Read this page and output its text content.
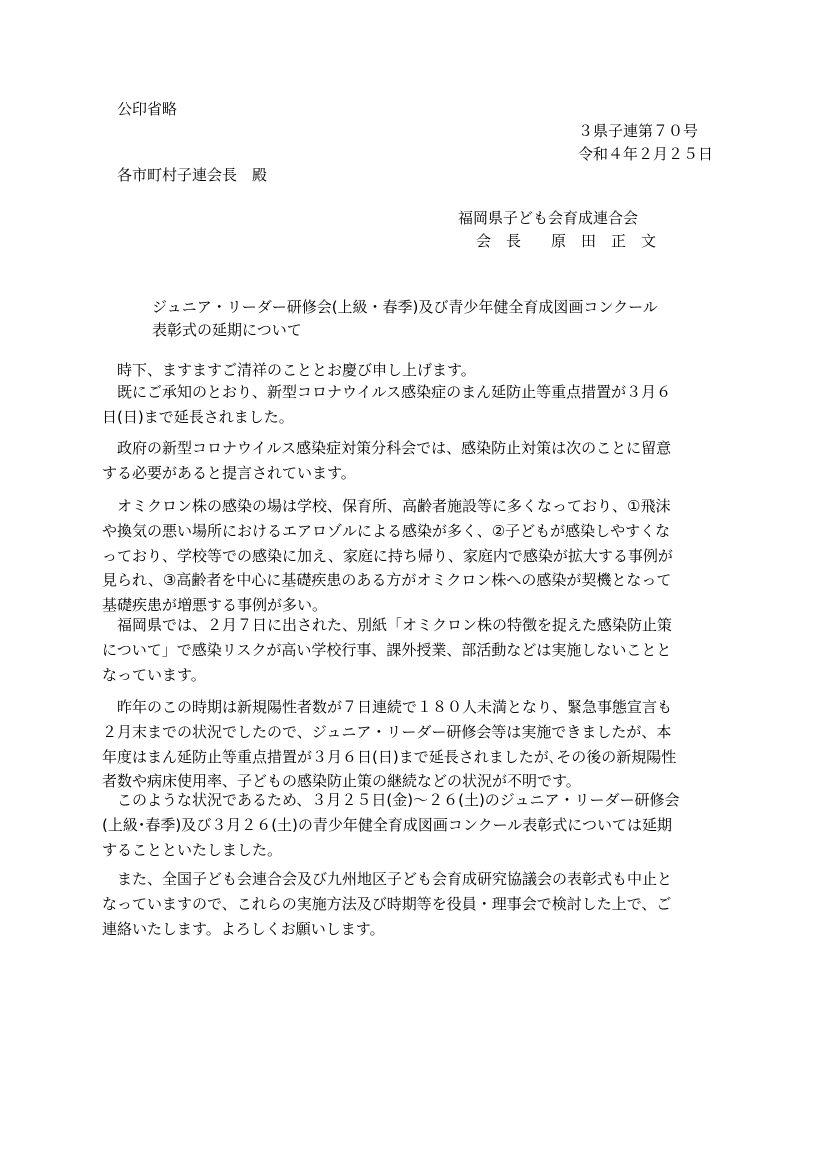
公印省略
３県子連第７０号
令和４年２月２５日
各市町村子連会長　殿
福岡県子ども会育成連合会
会　長　　原　田　正　文
ジュニア・リーダー研修会(上級・春季)及び青少年健全育成図画コンクール
表彰式の延期について
時下、ますますご清祥のこととお慶び申し上げます。
既にご承知のとおり、新型コロナウイルス感染症のまん延防止等重点措置が３月６
日(日)まで延長されました。
政府の新型コロナウイルス感染症対策分科会では、感染防止対策は次のことに留意
する必要があると提言されています。
オミクロン株の感染の場は学校、保育所、高齢者施設等に多くなっており、①飛沫
や換気の悪い場所におけるエアロゾルによる感染が多く、②子どもが感染しやすくな
っており、学校等での感染に加え、家庭に持ち帰り、家庭内で感染が拡大する事例が
見られ、③高齢者を中心に基礎疾患のある方がオミクロン株への感染が契機となって
基礎疾患が増悪する事例が多い。
福岡県では、２月７日に出された、別紙「オミクロン株の特徴を捉えた感染防止策
について」で感染リスクが高い学校行事、課外授業、部活動などは実施しないことと
なっています。
昨年のこの時期は新規陽性者数が７日連続で１８０人未満となり、緊急事態宣言も
２月末までの状況でしたので、ジュニア・リーダー研修会等は実施できましたが、本
年度はまん延防止等重点措置が３月６日(日)まで延長されましたが､その後の新規陽性
者数や病床使用率、子どもの感染防止策の継続などの状況が不明です。
このような状況であるため、３月２５日(金)～２６(土)のジュニア・リーダー研修会
(上級･春季)及び３月２６(土)の青少年健全育成図画コンクール表彰式については延期
することといたしました。
また、全国子ども会連合会及び九州地区子ども会育成研究協議会の表彰式も中止と
なっていますので、これらの実施方法及び時期等を役員・理事会で検討した上で、ご
連絡いたします。よろしくお願いします。
